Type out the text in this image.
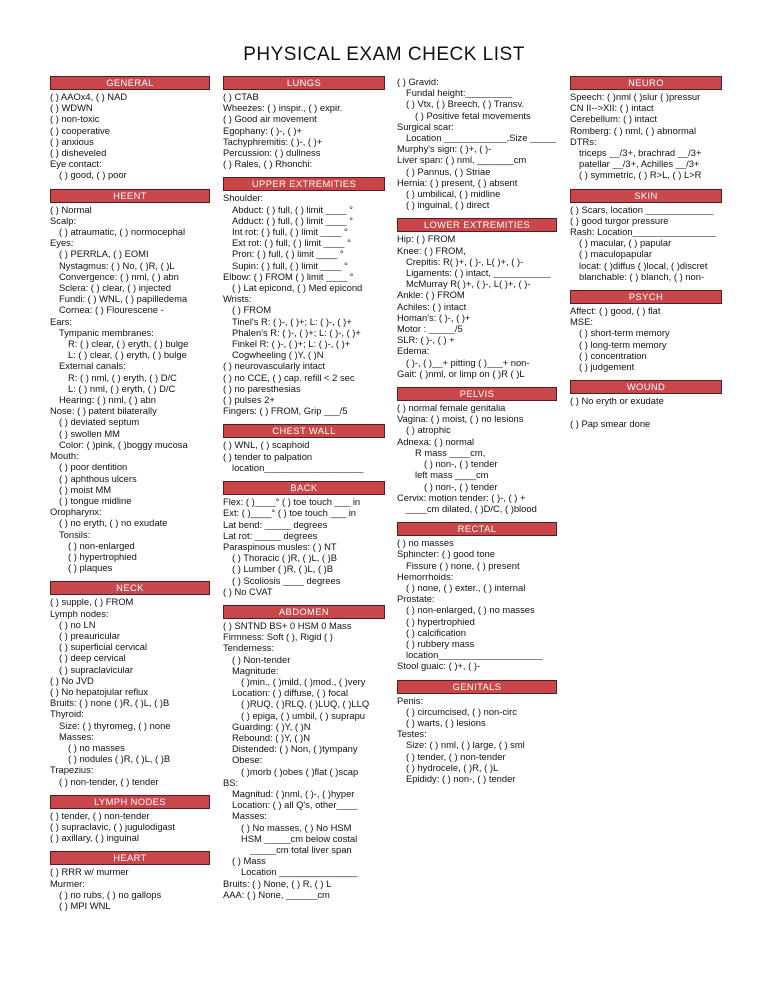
PHYSICAL EXAM CHECK LIST
GENERAL
( ) AAOx4, ( ) NAD
( ) WDWN
( ) non-toxic
( ) cooperative
( ) anxious
( ) disheveled
Eye contact:
( ) good, ( ) poor
HEENT
( ) Normal
Scalp:
( ) atraumatic, ( ) normocephal
Eyes:
( ) PERRLA, ( ) EOMI
Nystagmus: ( ) No, ( )R, ( )L
Convergence: ( ) nml, ( ) abn
Sclera: ( ) clear, ( ) injected
Fundi: ( ) WNL, ( ) papilledema
Cornea: ( ) Flourescene -
Ears:
Tympanic membranes:
R: ( ) clear, ( ) eryth, ( ) bulge
L: ( ) clear, ( ) eryth, ( ) bulge
External canals:
R: ( ) nml, ( ) eryth, ( ) D/C
L: ( ) nml, ( ) eryth, ( ) D/C
Hearing: ( ) nml, ( ) abn
Nose: ( ) patent bilaterally
( ) deviated septum
( ) swollen MM
Color: ( )pink, ( )boggy mucosa
Mouth:
( ) poor dentition
( ) aphthous ulcers
( ) moist MM
( ) tongue midline
Oropharynx:
( ) no eryth, ( ) no exudate
Tonsils:
( ) non-enlarged
( ) hypertrophied
( ) plaques
NECK
( ) supple, ( ) FROM
Lymph nodes:
( ) no LN
( ) preauricular
( ) superficial cervical
( ) deep cervical
( ) supraclavicular
( ) No JVD
( ) No hepatojular reflux
Bruits: ( ) none ( )R, ( )L, ( )B
Thyroid:
Size: ( ) thyromeg, ( ) none
Masses:
( ) no masses
( ) nodules ( )R, ( )L, ( )B
Trapezius:
( ) non-tender, ( ) tender
LYMPH NODES
( ) tender, ( ) non-tender
( ) supraclavic, ( ) jugulodigast
( ) axillary, ( ) inguinal
HEART
( ) RRR w/ murmer
Murmer:
( ) no rubs, ( ) no gallops
( ) MPI WNL
LUNGS
( ) CTAB
Wheezes: ( ) inspir., ( ) expir.
( ) Good air movement
Egophany: ( )-, ( )+
Tachyphremitis: ( )-, ( )+
Percussion: ( ) dullness
( ) Rales, ( ) Rhonchi:
UPPER EXTREMITIES
Shoulder:
Abduct: ( ) full, ( ) limit ____ °
Adduct: ( ) full, ( ) limit ____ °
Int rot: ( ) full, ( ) limit ____ °
Ext rot: ( ) full, ( ) limit ____ °
Pron: ( ) full, ( ) limit ____ °
Supin: ( ) full, ( ) limit ____ °
Elbow: ( ) FROM ( ) limit ____ °
( ) Lat epicond, ( ) Med epicond
Wrists:
( ) FROM
Tinel's R: ( )-, ( )+; L: ( )-, ( )+
Phalen's R: ( )-, ( )+; L: ( )-, ( )+
Finkel R: ( )-, ( )+; L: ( )-, ( )+
Cogwheeling ( )Y, ( )N
( ) neurovascularly intact
( ) no CCE, ( ) cap. refill < 2 sec
( ) no paresthesias
( ) pulses 2+
Fingers: ( ) FROM, Grip ___/5
CHEST WALL
( ) WNL, ( ) scaphoid
( ) tender to palpation
location___________________
BACK
Flex: ( )____° ( ) toe touch ___ in
Ext: ( )____° ( ) toe touch ___ in
Lat bend: _____ degrees
Lat rot: _____ degrees
Paraspinous musles: ( ) NT
( ) Thoracic ( )R, ( )L, ( )B
( ) Lumber ( )R, ( )L, ( )B
( ) Scoliosis ____ degrees
( ) No CVAT
ABDOMEN
( ) SNTND BS+ 0 HSM 0 Mass
Firmness: Soft ( ), Rigid ( )
Tenderness:
( ) Non-tender
Magnitude:
( )min., ( )mild, ( )mod., ( )very
Location: ( ) diffuse, ( ) focal
( )RUQ, ( )RLQ, ( )LUQ, ( )LLQ
( ) epiga, ( ) umbil, ( ) suprapu
Guarding: ( )Y, ( )N
Rebound: ( )Y, ( )N
Distended: ( ) Non, ( )tympany
Obese:
( )morb ( )obes ( )flat ( )scap
BS:
Magnitud: ( )nml, ( )-, ( )hyper
Location: ( ) all Q's, other____
Masses:
( ) No masses, ( ) No HSM
HSM _____cm below costal
_____cm total liver span
( ) Mass
Location _______________
Bruits: ( ) None, ( ) R, ( ) L
AAA: ( ) None, ______cm
( ) Gravid:
Fundal height:_________
( ) Vtx, ( ) Breech, ( ) Transv.
( ) Positive fetal movements
Surgical scar:
Location ____________,Size _____
Murphy's sign: ( )+, ( )-
Liver span: ( ) nml, _______cm
( ) Pannus, ( ) Striae
Hernia: ( ) present, ( ) absent
( ) umbilical, ( ) midline
( ) inguinal, ( ) direct
LOWER EXTREMITIES
Hip: ( ) FROM
Knee: ( ) FROM,
Crepitis: R( )+, ( )-, L( )+, ( )-
Ligaments: ( ) intact, ___________
McMurray R( )+, ( )-, L( )+, ( )-
Ankle: ( ) FROM
Achiles: ( ) intact
Homan's: ( )-, ( )+
Motor : _____/5
SLR: ( )-, ( ) +
Edema:
( )-, ( )__+ pitting ( )___+ non-
Gait: ( )nml, or limp on ( )R ( )L
PELVIS
( ) normal female genitalia
Vagina: ( ) moist, ( ) no lesions
( ) atrophic
Adnexa: ( ) normal
R mass ____cm,
( ) non-, ( ) tender
left mass ____cm
( ) non-, ( ) tender
Cervix: motion tender: ( )-, ( ) +
____cm dilated, ( )D/C, ( )blood
RECTAL
( ) no masses
Sphincter: ( ) good tone
Fissure ( ) none, ( ) present
Hemorrhoids:
( ) none, ( ) exter., ( ) internal
Prostate:
( ) non-enlarged, ( ) no masses
( ) hypertrophied
( ) calcification
( ) rubbery mass
location____________________
Stool guaic: ( )+, ( )-
GENITALS
Penis:
( ) circumcised, ( ) non-circ
( ) warts, ( ) lesions
Testes:
Size: ( ) nml, ( ) large, ( ) sml
( ) tender, ( ) non-tender
( ) hydrocele, ( )R, ( )L
Epididy: ( ) non-, ( ) tender
NEURO
Speech: ( )nml ( )slur ( )pressur
CN II-->XII: ( ) intact
Cerebellum: ( ) intact
Romberg: ( ) nml, ( ) abnormal
DTRs:
triceps __/3+, brachrad __/3+
patellar __/3+, Achilles __/3+
( ) symmetric, ( ) R>L, ( ) L>R
SKIN
( ) Scars, location _____________
( ) good turgor pressure
Rash: Location________________
( ) macular, ( ) papular
( ) maculopapular
locat: ( )diffus ( )local, ( )discret
blanchable: ( ) blanch, ( ) non-
PSYCH
Affect: ( ) good, ( ) flat
MSE:
( ) short-term memory
( ) long-term memory
( ) concentration
( ) judgement
WOUND
( ) No eryth or exudate

( ) Pap smear done
